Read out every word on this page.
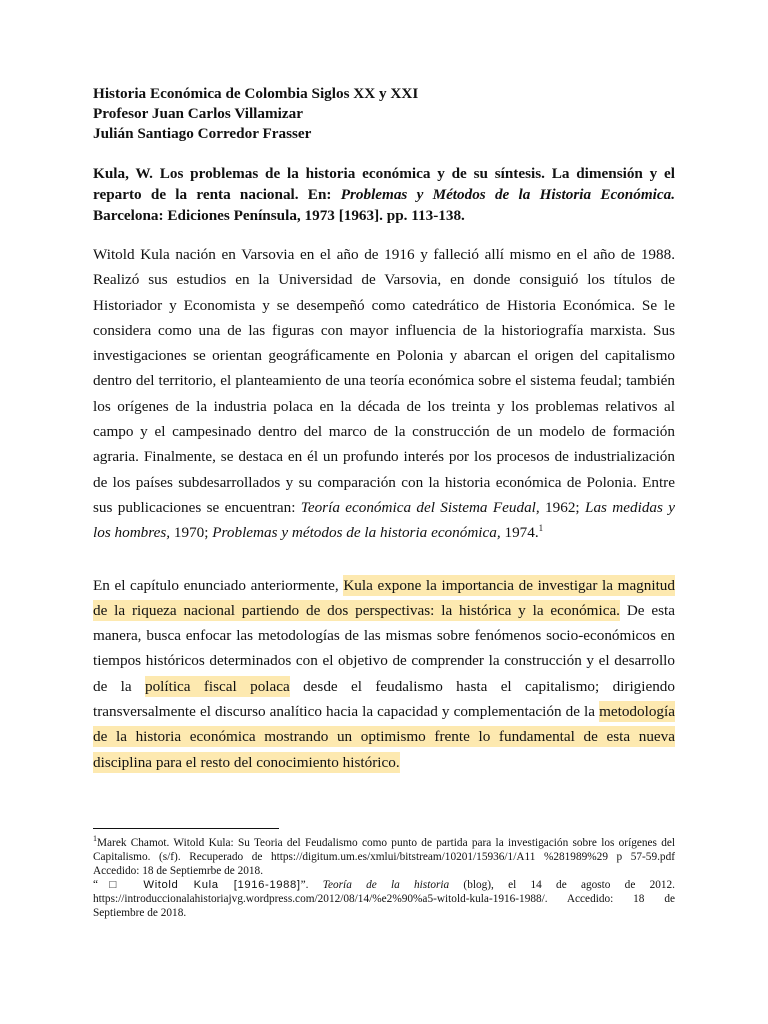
Historia Económica de Colombia Siglos XX y XXI

Profesor Juan Carlos Villamizar

Julián Santiago Corredor Frasser

Kula, W. Los problemas de la historia económica y de su síntesis. La dimensión y el reparto de la renta nacional. En: Problemas y Métodos de la Historia Económica. Barcelona: Ediciones Península, 1973 [1963]. pp. 113-138.

Witold Kula nación en Varsovia en el año de 1916 y falleció allí mismo en el año de 1988. Realizó sus estudios en la Universidad de Varsovia, en donde consiguió los títulos de Historiador y Economista y se desempeñó como catedrático de Historia Económica. Se le considera como una de las figuras con mayor influencia de la historiografía marxista. Sus investigaciones se orientan geográficamente en Polonia y abarcan el origen del capitalismo dentro del territorio, el planteamiento de una teoría económica sobre el sistema feudal; también los orígenes de la industria polaca en la década de los treinta y los problemas relativos al campo y el campesinado dentro del marco de la construcción de un modelo de formación agraria. Finalmente, se destaca en él un profundo interés por los procesos de industrialización de los países subdesarrollados y su comparación con la historia económica de Polonia. Entre sus publicaciones se encuentran: Teoría económica del Sistema Feudal, 1962; Las medidas y los hombres, 1970; Problemas y métodos de la historia económica, 1974.$^1$

En el capítulo enunciado anteriormente, Kula expone la importancia de investigar la magnitud de la riqueza nacional partiendo de dos perspectivas: la histórica y la económica. De esta manera, busca enfocar las metodologías de las mismas sobre fenómenos socio-económicos en tiempos históricos determinados con el objetivo de comprender la construcción y el desarrollo de la política fiscal polaca desde el feudalismo hasta el capitalismo; dirigiendo transversalmente el discurso analítico hacia la capacidad y complementación de la metodología de la historia económica mostrando un optimismo frente lo fundamental de esta nueva disciplina para el resto del conocimiento histórico.

$^1$Marek Chamot. Witold Kula: Su Teoria del Feudalismo como punto de partida para la investigación sobre los orígenes del Capitalismo. (s/f). Recuperado de https://digitum.um.es/xmlui/bitstream/10201/15936/1/A11 %281989%29 p 57-59.pdf Accedido: 18 de Septiemrbe de 2018.

“□ Witold Kula [1916-1988]”. Teoría de la historia (blog), el 14 de agosto de 2012. https://introduccionalahistoriajvg.wordpress.com/2012/08/14/%e2%90%a5-witold-kula-1916-1988/. Accedido: 18 de Septiembre de 2018.
